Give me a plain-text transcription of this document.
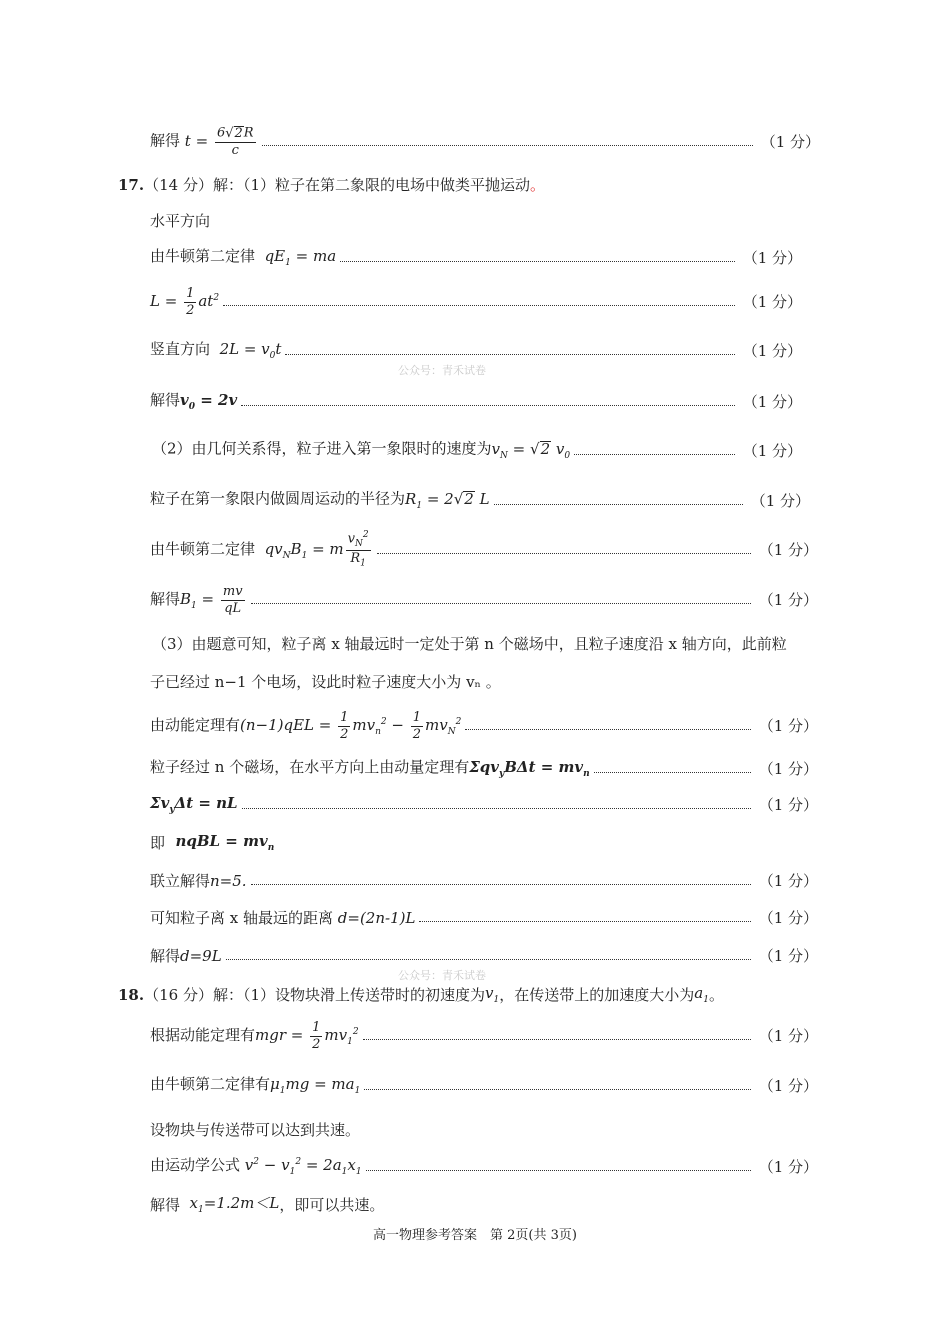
解得 $t = \frac{6 √ 2 R}{c}$	（1 分）
17. （14 分）解：（1）粒子在第二象限的电场中做类平抛运动 。
水平方向
由牛顿第二定律  $qE_1$ = ma	（1 分）
$L = \frac{1}{2} at^2$	（1 分）
竖直方向  $2L = v_0t$	（1 分）
公众号：青禾试卷
解得$v_0 = 2v$	（1 分）
（2）由几何关系得，粒子进入第一象限时的速度为$v_N$ = √ 2 $v_0$	（1 分）
粒子在第一象限内做圆周运动的半径为$R_1 = 2$ √ 2 L	（1 分）
由牛顿第二定律  $qv_NB_1 = m \frac{v_N^2}{R_1}$	（1 分）
解得$B_1 = \frac{mv}{qL}$	（1 分）
（3）由题意可知，粒子离 x 轴最远时一定处于第 n 个磁场中，且粒子速度沿 x 轴方向，此前粒
子已经过 n−1 个电场，设此时粒子速度大小为 vₙ 。
由动能定理有$(n-1)qEL = \frac{1}{2} mv_n^2 - \frac{1}{2} mv_N^2$	（1 分）
粒子经过 n 个磁场，在水平方向上由动量定理有$\Sigma qv_yB\Delta t = mv_n$	（1 分）
$\Sigma v_y\Delta t$ = nL	（1 分）
即 nqBL = $mv_n$
联立解得n=5.	（1 分）
可知粒子离 x 轴最远的距离 d=(2n-1)L	（1 分）
解得d=9L	（1 分）
公众号：青禾试卷
18. （16 分）解：（1）设物块滑上传送带时的初速度为 $v_1$ ，在传送带上的加速度大小为 $a_1$ 。
根据动能定理有mgr = $\frac{1}{2} mv_1^2$	（1 分）
由牛顿第二定律有$\mu_1mg = ma_1$	（1 分）
设物块与传送带可以达到共速。
由运动学公式 $v^2 - v_1^2 = 2a_1x_1$	（1 分）
解得 $x_1=1.2m<L$ ，即可以共速。
高一物理参考答案　第 2页(共 3页)
